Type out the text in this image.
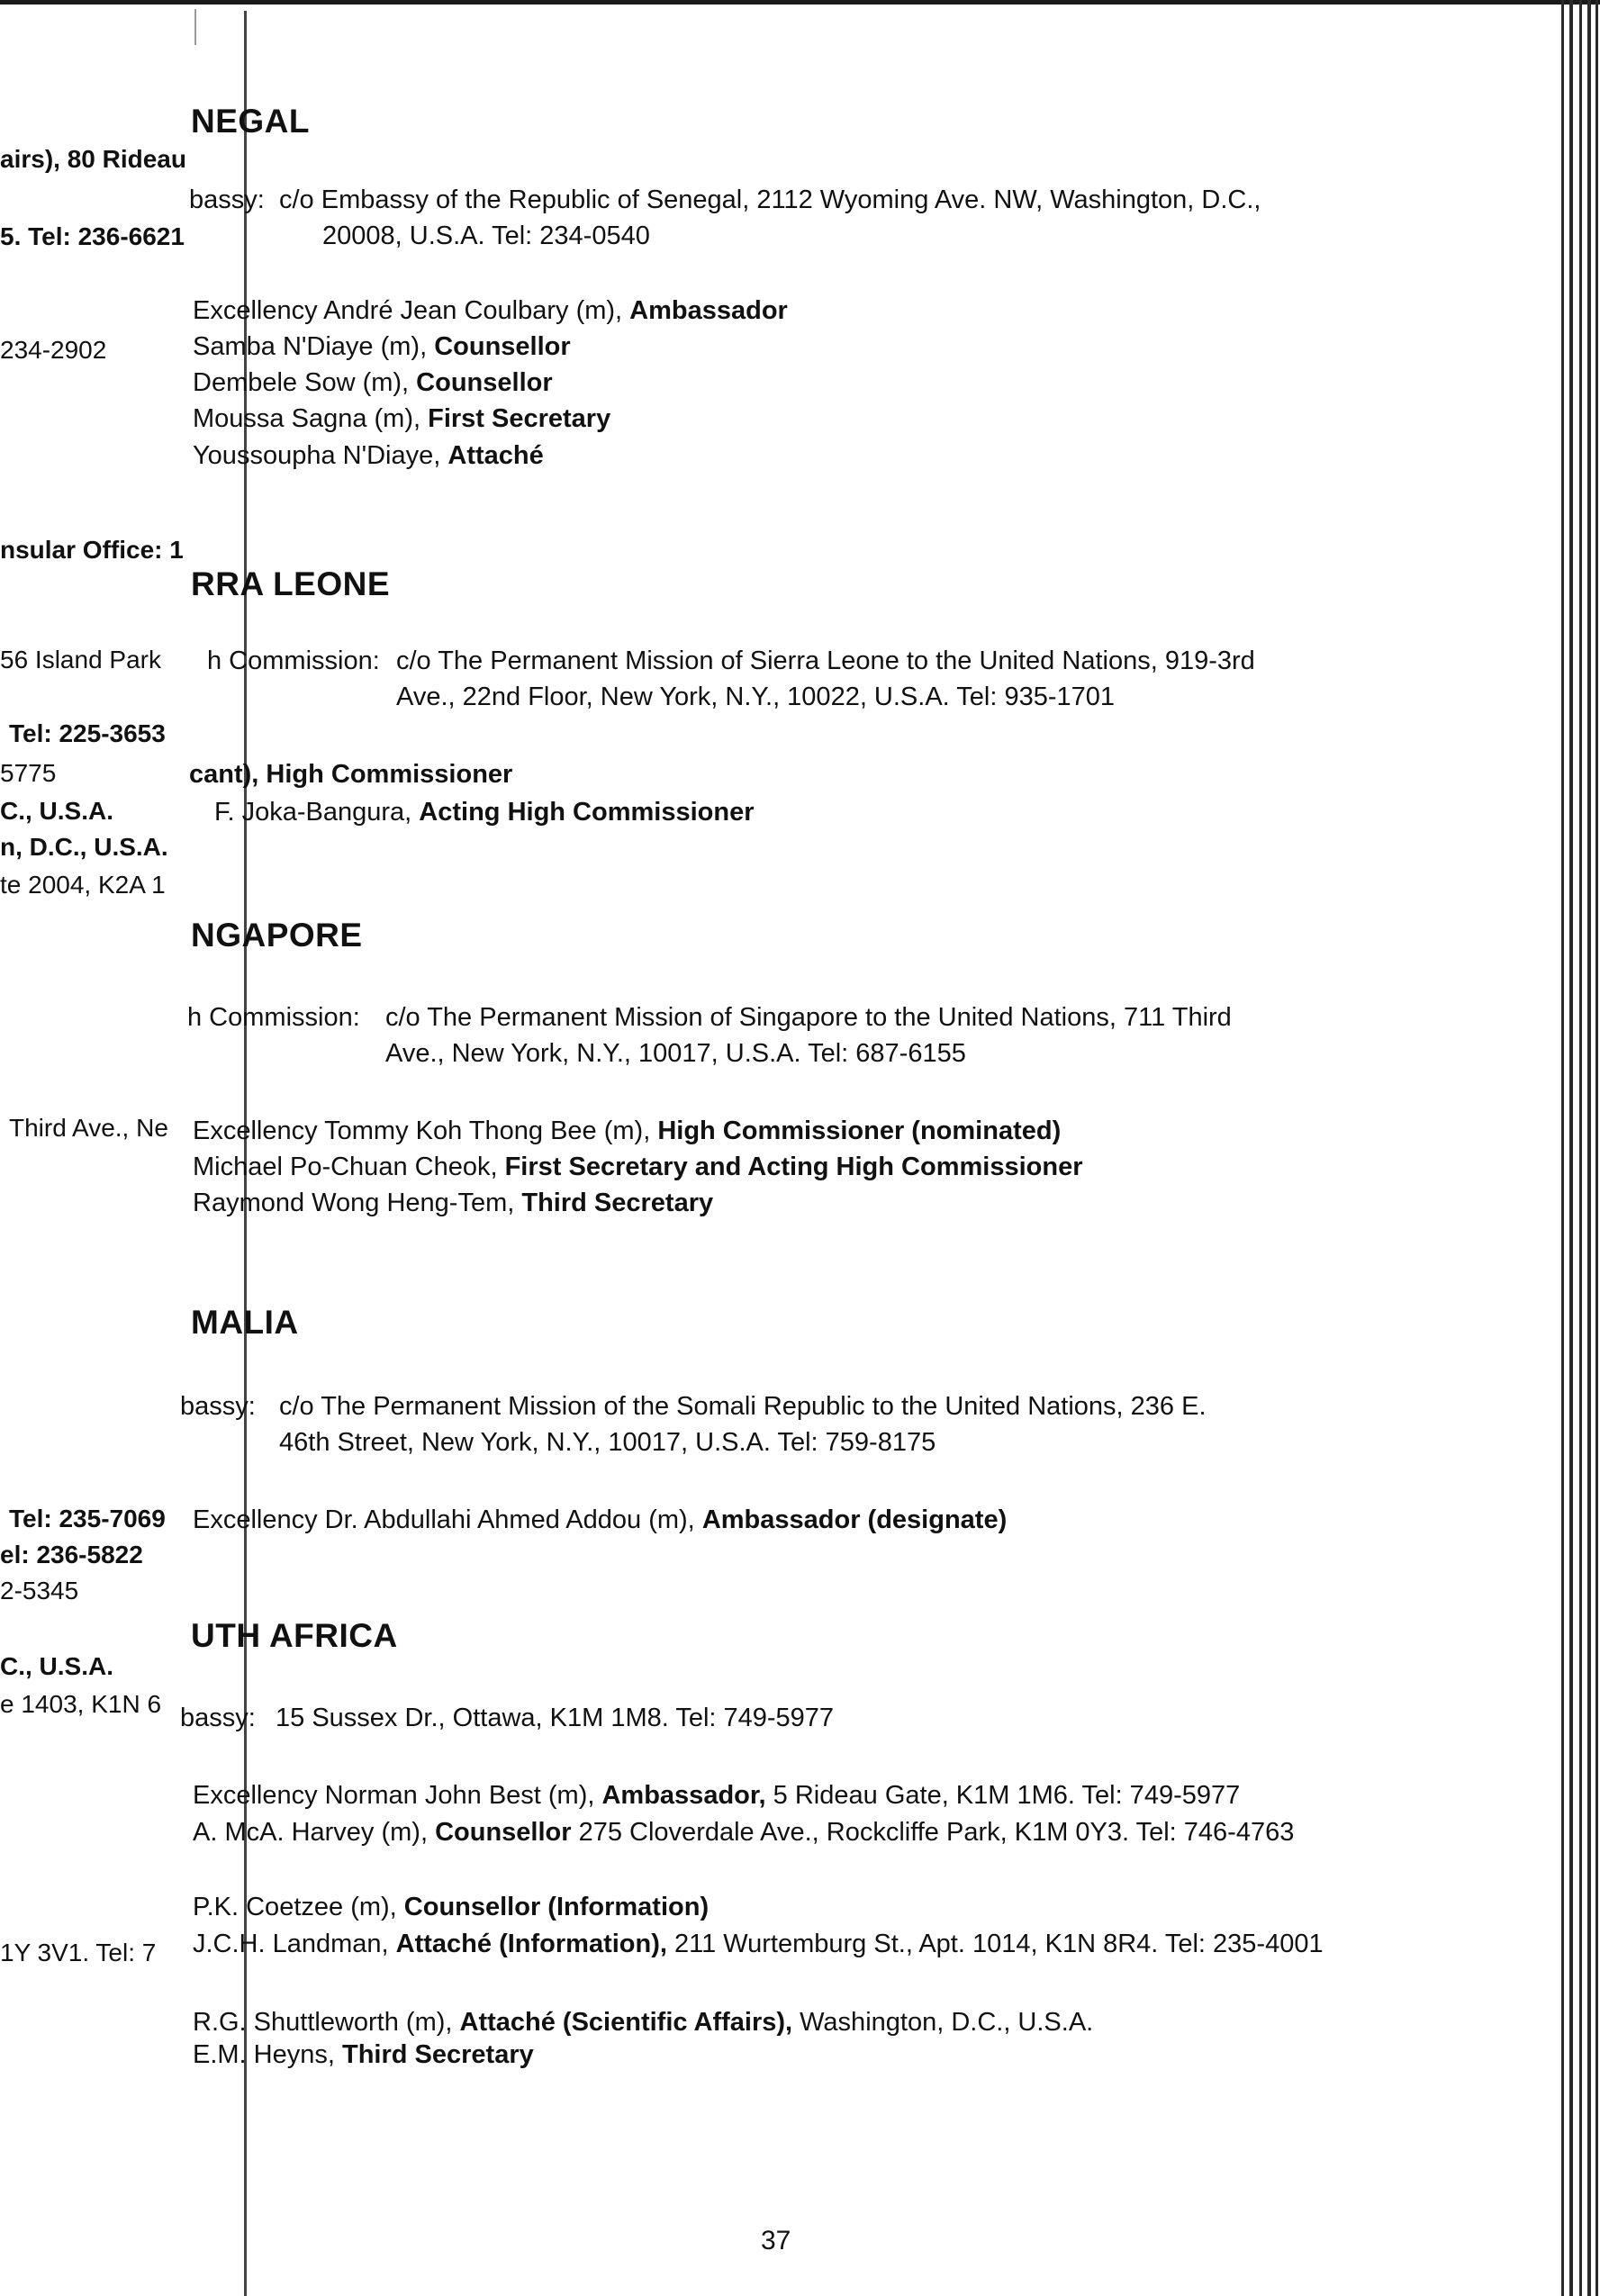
airs), 80 Rideau
5. Tel: 236-6621
234-2902
nsular Office: 1
56 Island Park
Tel: 225-3653
5775
C., U.S.A.
n, D.C., U.S.A.
te 2004, K2A 1
Third Ave., Ne
Tel: 235-7069
el: 236-5822
2-5345
C., U.S.A.
e 1403, K1N 6
1Y 3V1. Tel: 7
NEGAL
bassy: c/o Embassy of the Republic of Senegal, 2112 Wyoming Ave. NW, Washington, D.C.,
20008, U.S.A. Tel: 234-0540
Excellency André Jean Coulbary (m), Ambassador
Samba N'Diaye (m), Counsellor
Dembele Sow (m), Counsellor
Moussa Sagna (m), First Secretary
Youssoupha N'Diaye, Attaché
RRA LEONE
h Commission: c/o The Permanent Mission of Sierra Leone to the United Nations, 919-3rd
Ave., 22nd Floor, New York, N.Y., 10022, U.S.A. Tel: 935-1701
cant), High Commissioner
F. Joka-Bangura, Acting High Commissioner
NGAPORE
h Commission: c/o The Permanent Mission of Singapore to the United Nations, 711 Third
Ave., New York, N.Y., 10017, U.S.A. Tel: 687-6155
Excellency Tommy Koh Thong Bee (m), High Commissioner (nominated)
Michael Po-Chuan Cheok, First Secretary and Acting High Commissioner
Raymond Wong Heng-Tem, Third Secretary
MALIA
bassy: c/o The Permanent Mission of the Somali Republic to the United Nations, 236 E.
46th Street, New York, N.Y., 10017, U.S.A. Tel: 759-8175
Excellency Dr. Abdullahi Ahmed Addou (m), Ambassador (designate)
UTH AFRICA
bassy: 15 Sussex Dr., Ottawa, K1M 1M8. Tel: 749-5977
Excellency Norman John Best (m), Ambassador, 5 Rideau Gate, K1M 1M6. Tel: 749-5977
A. McA. Harvey (m), Counsellor 275 Cloverdale Ave., Rockcliffe Park, K1M 0Y3. Tel: 746-4763
P.K. Coetzee (m), Counsellor (Information)
J.C.H. Landman, Attaché (Information), 211 Wurtemburg St., Apt. 1014, K1N 8R4. Tel: 235-4001
R.G. Shuttleworth (m), Attaché (Scientific Affairs), Washington, D.C., U.S.A.
E.M. Heyns, Third Secretary
37
